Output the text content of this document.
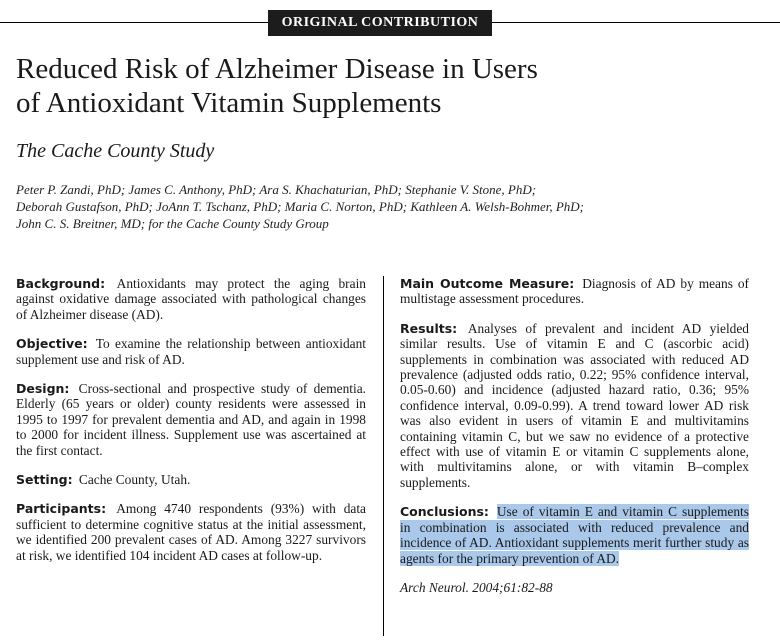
ORIGINAL CONTRIBUTION
Reduced Risk of Alzheimer Disease in Users
of Antioxidant Vitamin Supplements
The Cache County Study
Peter P. Zandi, PhD; James C. Anthony, PhD; Ara S. Khachaturian, PhD; Stephanie V. Stone, PhD;
Deborah Gustafson, PhD; JoAnn T. Tschanz, PhD; Maria C. Norton, PhD; Kathleen A. Welsh-Bohmer, PhD;
John C. S. Breitner, MD; for the Cache County Study Group

Background: Antioxidants may protect the aging brain against oxidative damage associated with pathological changes of Alzheimer disease (AD).

Objective: To examine the relationship between antioxidant supplement use and risk of AD.

Design: Cross-sectional and prospective study of dementia. Elderly (65 years or older) county residents were assessed in 1995 to 1997 for prevalent dementia and AD, and again in 1998 to 2000 for incident illness. Supplement use was ascertained at the first contact.

Setting: Cache County, Utah.

Participants: Among 4740 respondents (93%) with data sufficient to determine cognitive status at the initial assessment, we identified 200 prevalent cases of AD. Among 3227 survivors at risk, we identified 104 incident AD cases at follow-up.

Main Outcome Measure: Diagnosis of AD by means of multistage assessment procedures.

Results: Analyses of prevalent and incident AD yielded similar results. Use of vitamin E and C (ascorbic acid) supplements in combination was associated with reduced AD prevalence (adjusted odds ratio, 0.22; 95% confidence interval, 0.05-0.60) and incidence (adjusted hazard ratio, 0.36; 95% confidence interval, 0.09-0.99). A trend toward lower AD risk was also evident in users of vitamin E and multivitamins containing vitamin C, but we saw no evidence of a protective effect with use of vitamin E or vitamin C supplements alone, with multivitamins alone, or with vitamin B–complex supplements.

Conclusions: Use of vitamin E and vitamin C supplements in combination is associated with reduced prevalence and incidence of AD. Antioxidant supplements merit further study as agents for the primary prevention of AD.

Arch Neurol. 2004;61:82-88
